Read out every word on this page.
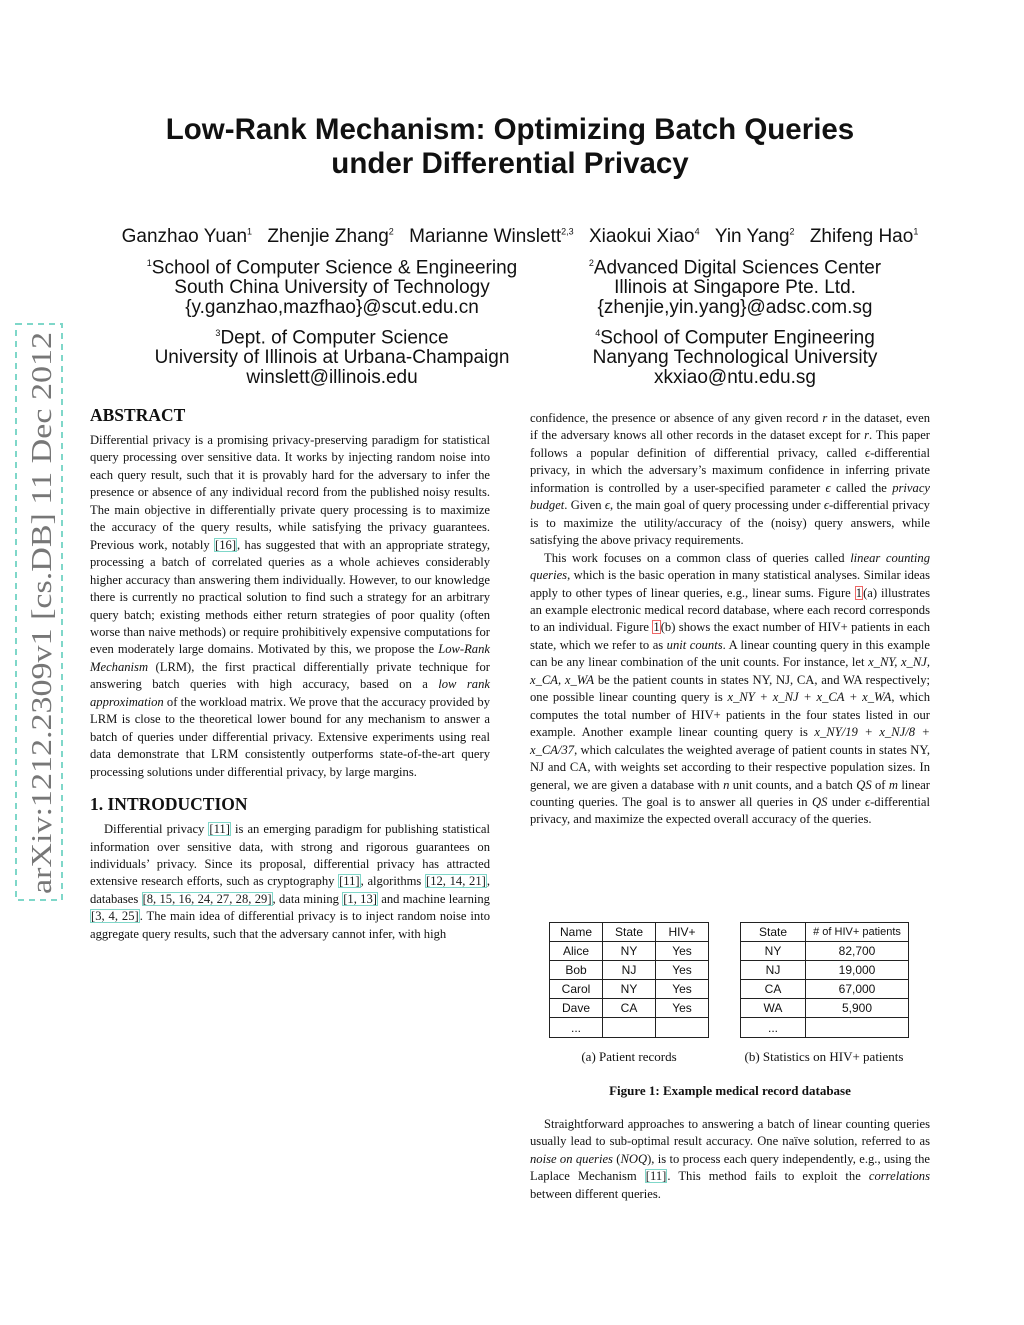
arXiv:1212.2309v1 [cs.DB] 11 Dec 2012
Low-Rank Mechanism: Optimizing Batch Queries
under Differential Privacy
Ganzhao Yuan$^1$ Zhenjie Zhang$^2$ Marianne Winslett$^{2,3}$ Xiaokui Xiao$^4$ Yin Yang$^2$ Zhifeng Hao$^1$
$^1$School of Computer Science & Engineering
South China University of Technology
{y.ganzhao,mazfhao}@scut.edu.cn
$^2$Advanced Digital Sciences Center
Illinois at Singapore Pte. Ltd.
{zhenjie,yin.yang}@adsc.com.sg
$^3$Dept. of Computer Science
University of Illinois at Urbana-Champaign
winslett@illinois.edu
$^4$School of Computer Engineering
Nanyang Technological University
xkxiao@ntu.edu.sg
ABSTRACT

Differential privacy is a promising privacy-preserving paradigm for statistical query processing over sensitive data. It works by injecting random noise into each query result, such that it is provably hard for the adversary to infer the presence or absence of any individual record from the published noisy results. The main objective in differentially private query processing is to maximize the accuracy of the query results, while satisfying the privacy guarantees. Previous work, notably [16], has suggested that with an appropriate strategy, processing a batch of correlated queries as a whole achieves considerably higher accuracy than answering them individually. However, to our knowledge there is currently no practical solution to find such a strategy for an arbitrary query batch; existing methods either return strategies of poor quality (often worse than naive methods) or require prohibitively expensive computations for even moderately large domains. Motivated by this, we propose the Low-Rank Mechanism (LRM), the first practical differentially private technique for answering batch queries with high accuracy, based on a low rank approximation of the workload matrix. We prove that the accuracy provided by LRM is close to the theoretical lower bound for any mechanism to answer a batch of queries under differential privacy. Extensive experiments using real data demonstrate that LRM consistently outperforms state-of-the-art query processing solutions under differential privacy, by large margins.

1. INTRODUCTION

Differential privacy [11] is an emerging paradigm for publishing statistical information over sensitive data, with strong and rigorous guarantees on individuals’ privacy. Since its proposal, differential privacy has attracted extensive research efforts, such as cryptography [11], algorithms [12, 14, 21], databases [8, 15, 16, 24, 27, 28, 29], data mining [1, 13] and machine learning [3, 4, 25]. The main idea of differential privacy is to inject random noise into aggregate query results, such that the adversary cannot infer, with high

confidence, the presence or absence of any given record r in the dataset, even if the adversary knows all other records in the dataset except for r. This paper follows a popular definition of differential privacy, called ϵ-differential privacy, in which the adversary’s maximum confidence in inferring private information is controlled by a user-specified parameter ϵ called the privacy budget. Given ϵ, the main goal of query processing under ϵ-differential privacy is to maximize the utility/accuracy of the (noisy) query answers, while satisfying the above privacy requirements.

This work focuses on a common class of queries called linear counting queries, which is the basic operation in many statistical analyses. Similar ideas apply to other types of linear queries, e.g., linear sums. Figure 1(a) illustrates an example electronic medical record database, where each record corresponds to an individual. Figure 1(b) shows the exact number of HIV+ patients in each state, which we refer to as unit counts. A linear counting query in this example can be any linear combination of the unit counts. For instance, let x_NY, x_NJ, x_CA, x_WA be the patient counts in states NY, NJ, CA, and WA respectively; one possible linear counting query is x_NY + x_NJ + x_CA + x_WA, which computes the total number of HIV+ patients in the four states listed in our example. Another example linear counting query is x_NY/19 + x_NJ/8 + x_CA/37, which calculates the weighted average of patient counts in states NY, NJ and CA, with weights set according to their respective population sizes. In general, we are given a database with n unit counts, and a batch QS of m linear counting queries. The goal is to answer all queries in QS under ϵ-differential privacy, and maximize the expected overall accuracy of the queries.

Name	State	HIV+
Alice	NY	Yes
Bob	NJ	Yes
Carol	NY	Yes
Dave	CA	Yes
...		
State	# of HIV+ patients
NY	82,700
NJ	19,000
CA	67,000
WA	5,900
...	
(a) Patient records	(b) Statistics on HIV+ patients
Figure 1: Example medical record database

Straightforward approaches to answering a batch of linear counting queries usually lead to sub-optimal result accuracy. One naïve solution, referred to as noise on queries (NOQ), is to process each query independently, e.g., using the Laplace Mechanism [11]. This method fails to exploit the correlations between different queries.
